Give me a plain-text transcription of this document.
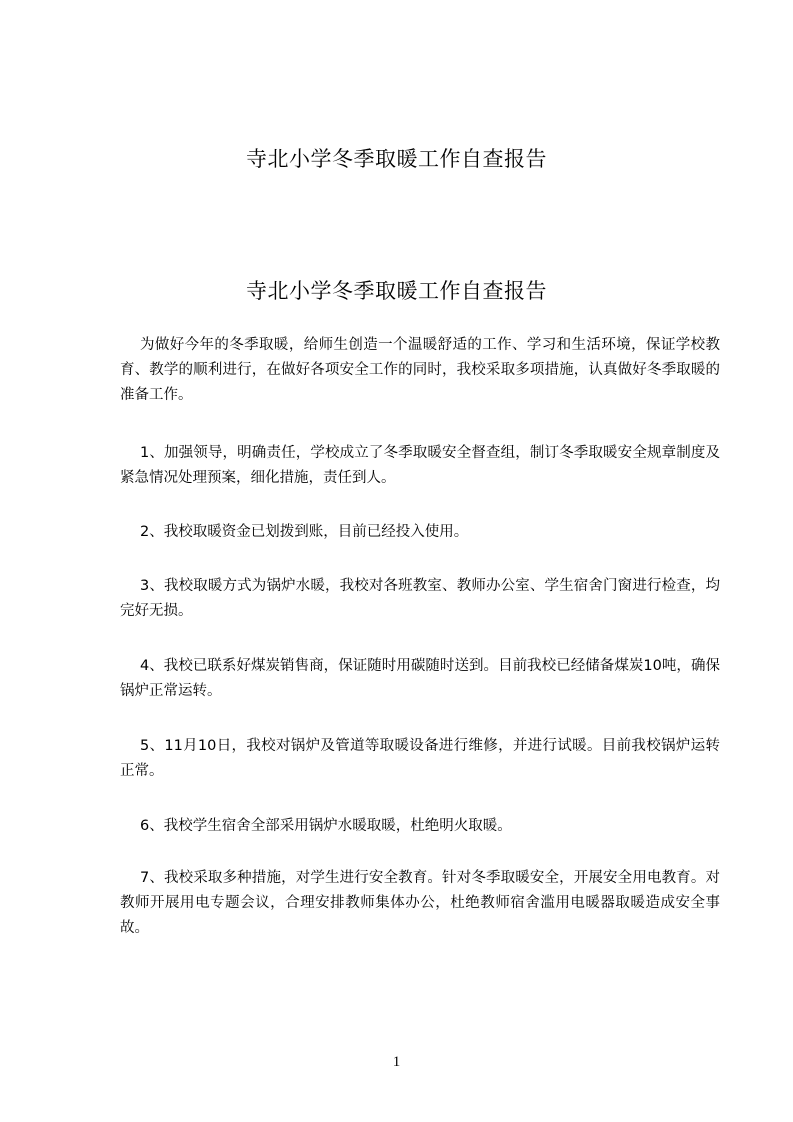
寺北小学冬季取暖工作自查报告
寺北小学冬季取暖工作自查报告
为做好今年的冬季取暖，给师生创造一个温暖舒适的工作、学习和生活环境，保证学校教育、教学的顺利进行，在做好各项安全工作的同时，我校采取多项措施，认真做好冬季取暖的准备工作。
1、加强领导，明确责任，学校成立了冬季取暖安全督查组，制订冬季取暖安全规章制度及紧急情况处理预案，细化措施，责任到人。
2、我校取暖资金已划拨到账，目前已经投入使用。
3、我校取暖方式为锅炉水暖，我校对各班教室、教师办公室、学生宿舍门窗进行检查，均完好无损。
4、我校已联系好煤炭销售商，保证随时用碳随时送到。目前我校已经储备煤炭10吨，确保锅炉正常运转。
5、11月10日，我校对锅炉及管道等取暖设备进行维修，并进行试暖。目前我校锅炉运转正常。
6、我校学生宿舍全部采用锅炉水暖取暖，杜绝明火取暖。
7、我校采取多种措施，对学生进行安全教育。针对冬季取暖安全，开展安全用电教育。对教师开展用电专题会议，合理安排教师集体办公，杜绝教师宿舍滥用电暖器取暖造成安全事故。
1
